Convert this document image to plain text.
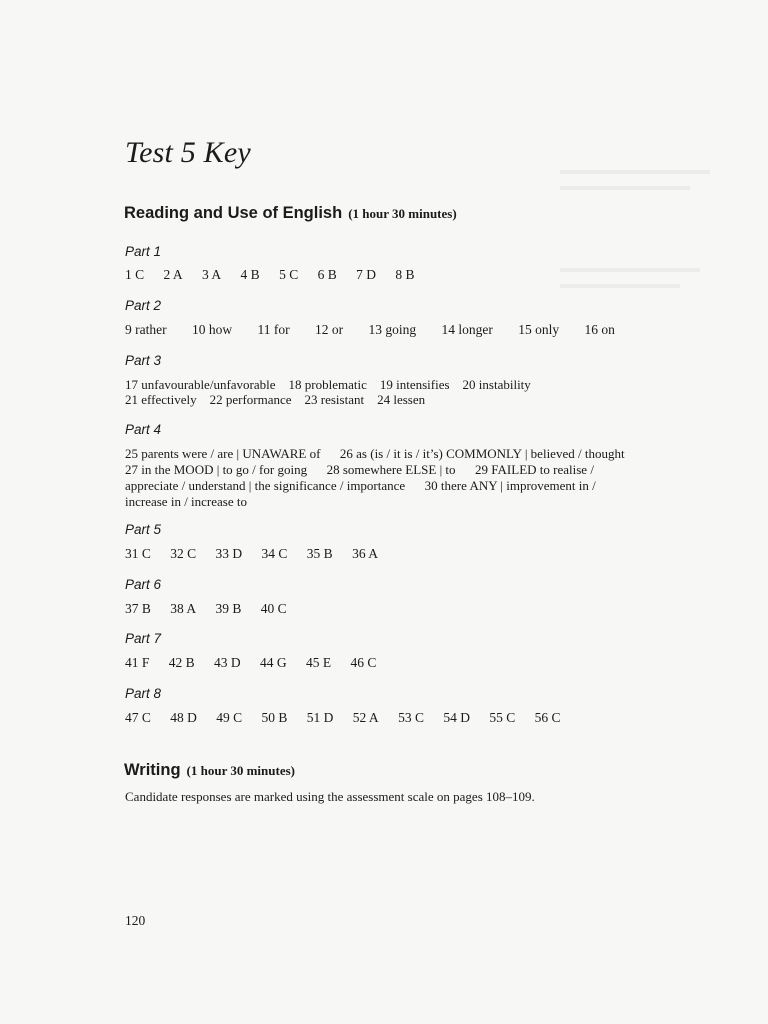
Test 5 Key
Reading and Use of English (1 hour 30 minutes)

Part 1

1 C 2 A 3 A 4 B 5 C 6 B 7 D 8 B

Part 2

9 rather 10 how 11 for 12 or 13 going 14 longer 15 only 16 on

Part 3

17 unfavourable/unfavorable    18 problematic    19 intensifies    20 instability

21 effectively    22 performance    23 resistant    24 lessen

Part 4

25 parents were / are | UNAWARE of      26 as (is / it is / it’s) COMMONLY | believed / thought      27 in the MOOD | to go / for going      28 somewhere ELSE | to      29 FAILED to realise / appreciate / understand | the significance / importance      30 there ANY | improvement in / increase in / increase to

Part 5

31 C 32 C 33 D 34 C 35 B 36 A

Part 6

37 B 38 A 39 B 40 C

Part 7

41 F 42 B 43 D 44 G 45 E 46 C

Part 8

47 C 48 D 49 C 50 B 51 D 52 A 53 C 54 D 55 C 56 C

Writing (1 hour 30 minutes)

Candidate responses are marked using the assessment scale on pages 108–109.

120
